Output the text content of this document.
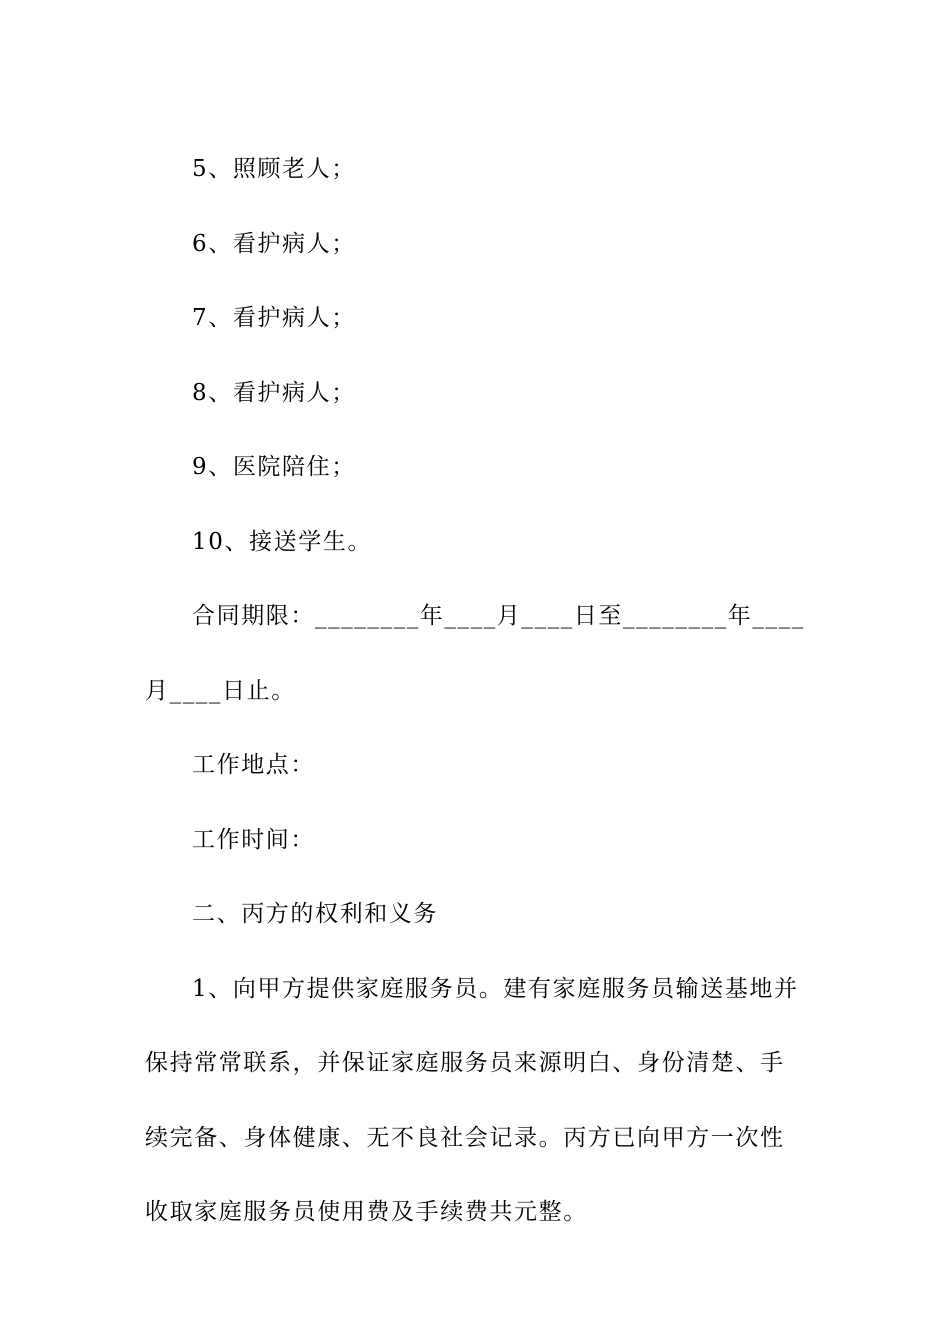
5、照顾老人；

6、看护病人；

7、看护病人；

8、看护病人；

9、医院陪住；

10、接送学生。

合同期限：________年____月____日至________年____月____日止。

工作地点：

工作时间：

二、丙方的权利和义务

1、向甲方提供家庭服务员。建有家庭服务员输送基地并保持常常联系，并保证家庭服务员来源明白、身份清楚、手续完备、身体健康、无不良社会记录。丙方已向甲方一次性收取家庭服务员使用费及手续费共元整。
